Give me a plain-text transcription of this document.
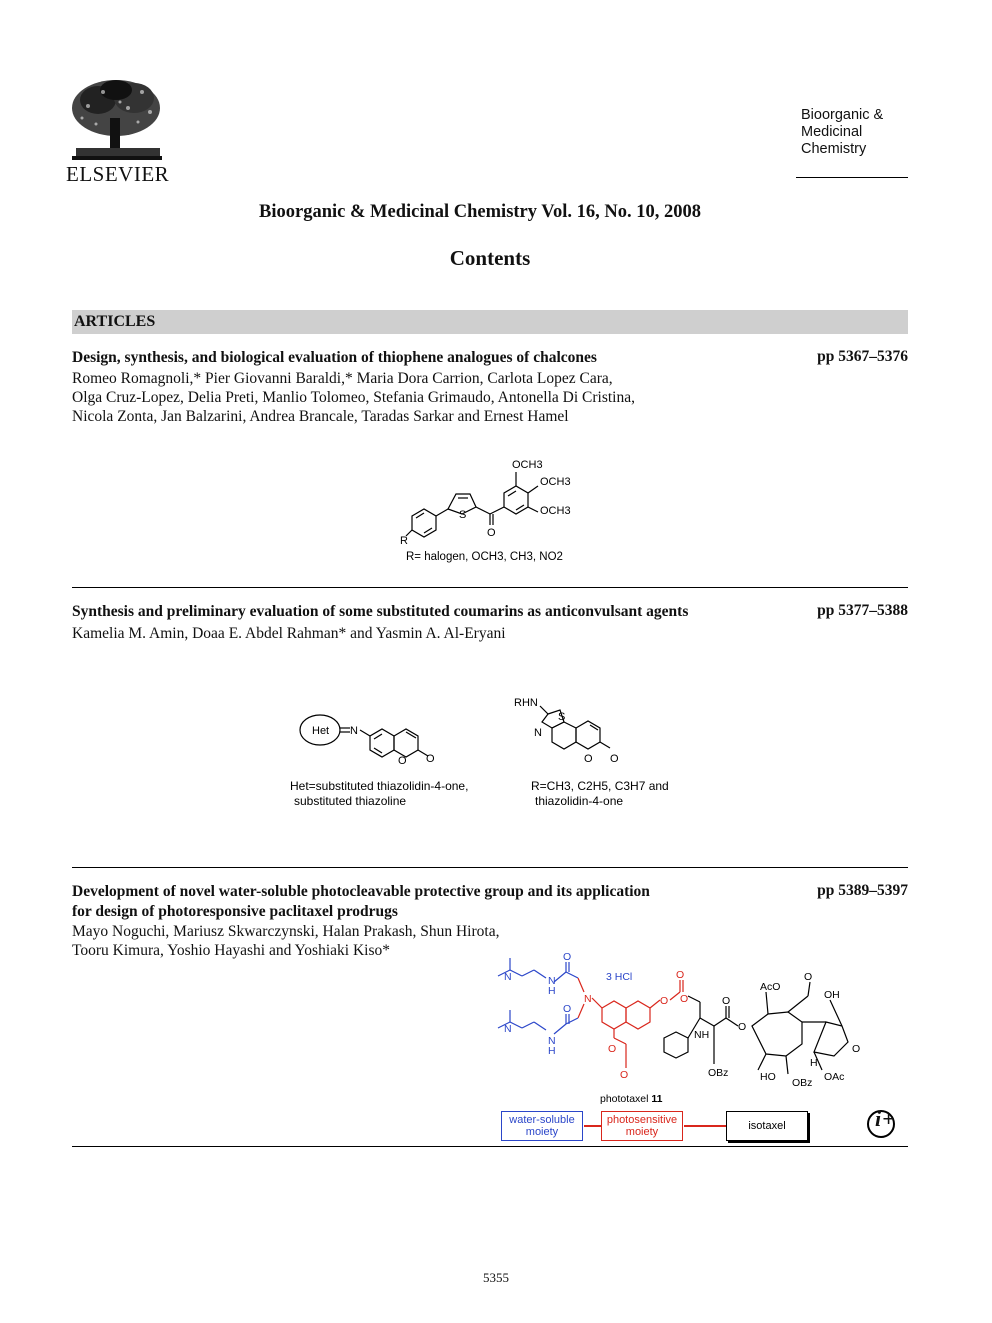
ELSEVIER
Bioorganic &
Medicinal
Chemistry
Bioorganic & Medicinal Chemistry Vol. 16, No. 10, 2008
Contents
ARTICLES
Design, synthesis, and biological evaluation of thiophene analogues of chalcones	pp 5367–5376
Romeo Romagnoli,* Pier Giovanni Baraldi,* Maria Dora Carrion, Carlota Lopez Cara,
Olga Cruz-Lopez, Delia Preti, Manlio Tolomeo, Stefania Grimaudo, Antonella Di Cristina,
Nicola Zonta, Jan Balzarini, Andrea Brancale, Taradas Sarkar and Ernest Hamel
OCH3
OCH3
OCH3
S
O
R
R= halogen, OCH3, CH3, NO2
Synthesis and preliminary evaluation of some substituted coumarins as anticonvulsant agents	pp 5377–5388
Kamelia M. Amin, Doaa E. Abdel Rahman* and Yasmin A. Al-Eryani
Het N
O O
RHN
S
N
O O
Het=substituted thiazolidin-4-one,
substituted thiazoline
R=CH3, C2H5, C3H7 and
thiazolidin-4-one
Development of novel water-soluble photocleavable protective group and its application
for design of photoresponsive paclitaxel prodrugs
pp 5389–5397
Mayo Noguchi, Mariusz Skwarczynski, Halan Prakash, Shun Hirota,
Tooru Kimura, Yoshio Hayashi and Yoshiaki Kiso*
N	N
O
H
3 HCl
N
N
N
O
H	O
O
O
O
O
NH
O
O
AcO
O
OH
OBz	HO
H
OBz OAc
O
phototaxel 11
water-soluble
moiety
photosensitive
moiety	isotaxel	i+
5355
